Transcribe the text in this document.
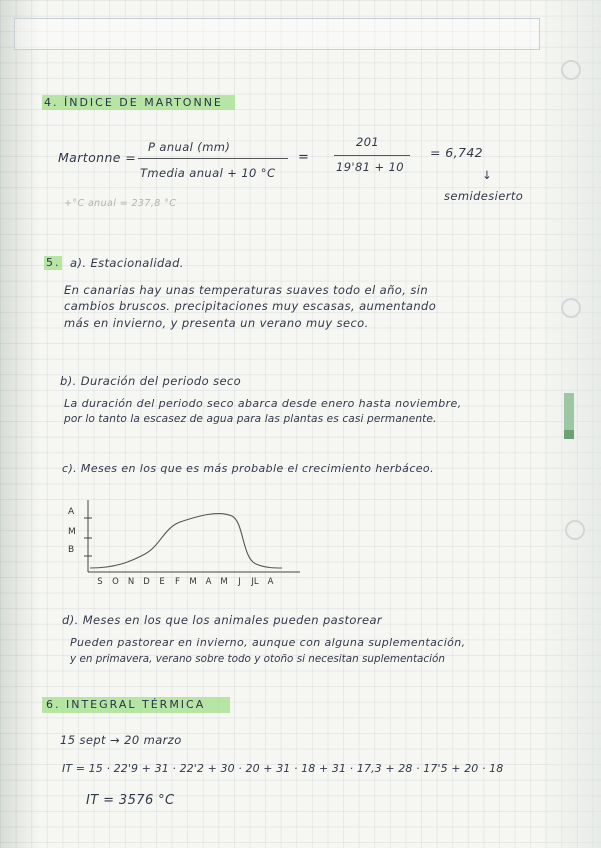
4. ÍNDICE DE MARTONNE
Martonne =
P anual (mm)
Tmedia anual + 10 °C
=
201
19'81 + 10
= 6,742
↓
semidesierto
+°C anual = 237,8 °C
5. a). Estacionalidad.
En canarias hay unas temperaturas suaves todo el año, sin
cambios bruscos. precipitaciones muy escasas, aumentando
más en invierno, y presenta un verano muy seco.
b). Duración del periodo seco
La duración del periodo seco abarca desde enero hasta noviembre,
por lo tanto la escasez de agua para las plantas es casi permanente.
c). Meses en los que es más probable el crecimiento herbáceo.
A
M
B
S O N D E F M A M J JL A
d). Meses en los que los animales pueden pastorear
Pueden pastorear en invierno, aunque con alguna suplementación,
y en primavera, verano sobre todo y otoño si necesitan suplementación
6. INTEGRAL TÉRMICA
15 sept → 20 marzo
IT = 15 · 22'9 + 31 · 22'2 + 30 · 20 + 31 · 18 + 31 · 17,3 + 28 · 17'5 + 20 · 18
IT = 3576 °C
